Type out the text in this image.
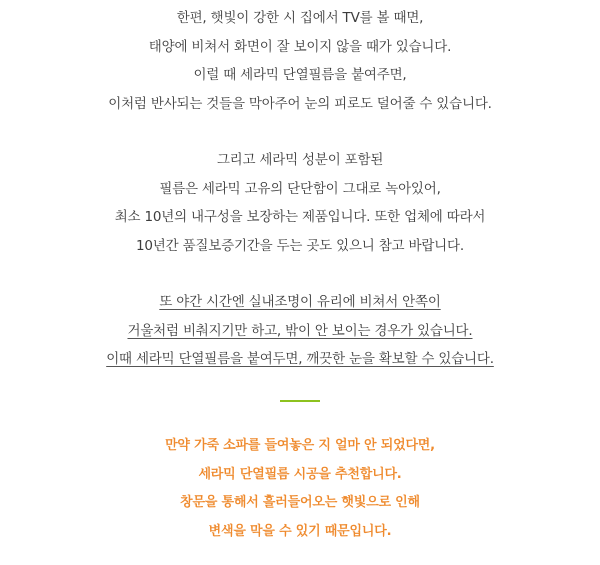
한편, 햇빛이 강한 시 집에서 TV를 볼 때면,
태양에 비쳐서 화면이 잘 보이지 않을 때가 있습니다.
이럴 때 세라믹 단열필름을 붙여주면,
이처럼 반사되는 것들을 막아주어 눈의 피로도 덜어줄 수 있습니다.
그리고 세라믹 성분이 포함된
필름은 세라믹 고유의 단단함이 그대로 녹아있어,
최소 10년의 내구성을 보장하는 제품입니다. 또한 업체에 따라서
10년간 품질보증기간을 두는 곳도 있으니 참고 바랍니다.
또 야간 시간엔 실내조명이 유리에 비쳐서 안쪽이
거울처럼 비춰지기만 하고, 밖이 안 보이는 경우가 있습니다.
이때 세라믹 단열필름을 붙여두면, 깨끗한 눈을 확보할 수 있습니다.
만약 가죽 소파를 들여놓은 지 얼마 안 되었다면,
세라믹 단열필름 시공을 추천합니다.
창문을 통해서 흘러들어오는 햇빛으로 인해
변색을 막을 수 있기 때문입니다.
